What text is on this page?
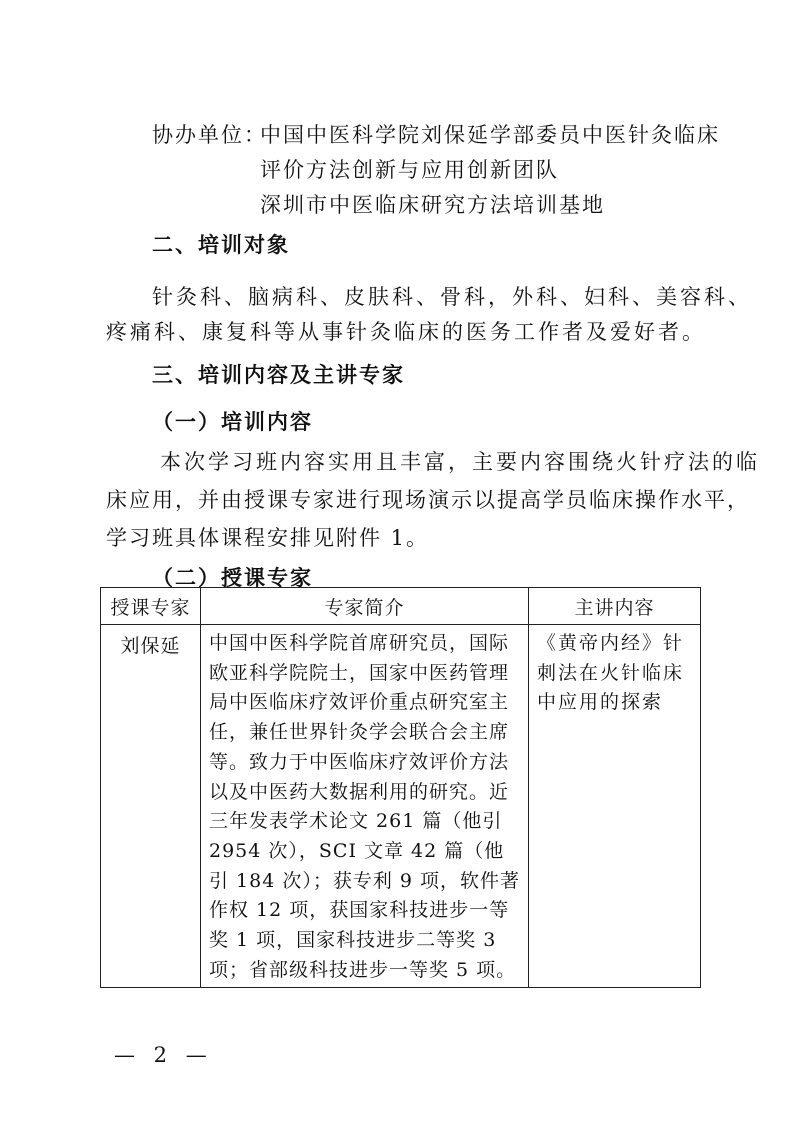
协办单位：
中国中医科学院刘保延学部委员中医针灸临床
评价方法创新与应用创新团队
深圳市中医临床研究方法培训基地
二、培训对象
针灸科、脑病科、皮肤科、骨科，外科、妇科、美容科、
疼痛科、康复科等从事针灸临床的医务工作者及爱好者。
三、培训内容及主讲专家
（一）培训内容
本次学习班内容实用且丰富，主要内容围绕火针疗法的临
床应用，并由授课专家进行现场演示以提高学员临床操作水平，
学习班具体课程安排见附件 1。
（二）授课专家
授课专家	专家简介	主讲内容
刘保延	中国中医科学院首席研究员，国际欧亚科学院院士，国家中医药管理局中医临床疗效评价重点研究室主任，兼任世界针灸学会联合会主席等。致力于中医临床疗效评价方法以及中医药大数据利用的研究。近三年发表学术论文 261 篇（他引 2954 次），SCI 文章 42 篇（他引 184 次）；获专利 9 项，软件著作权 12 项，获国家科技进步一等奖 1 项，国家科技进步二等奖 3 项；省部级科技进步一等奖 5 项。	《黄帝内经》针刺法在火针临床中应用的探索
— 2 —
